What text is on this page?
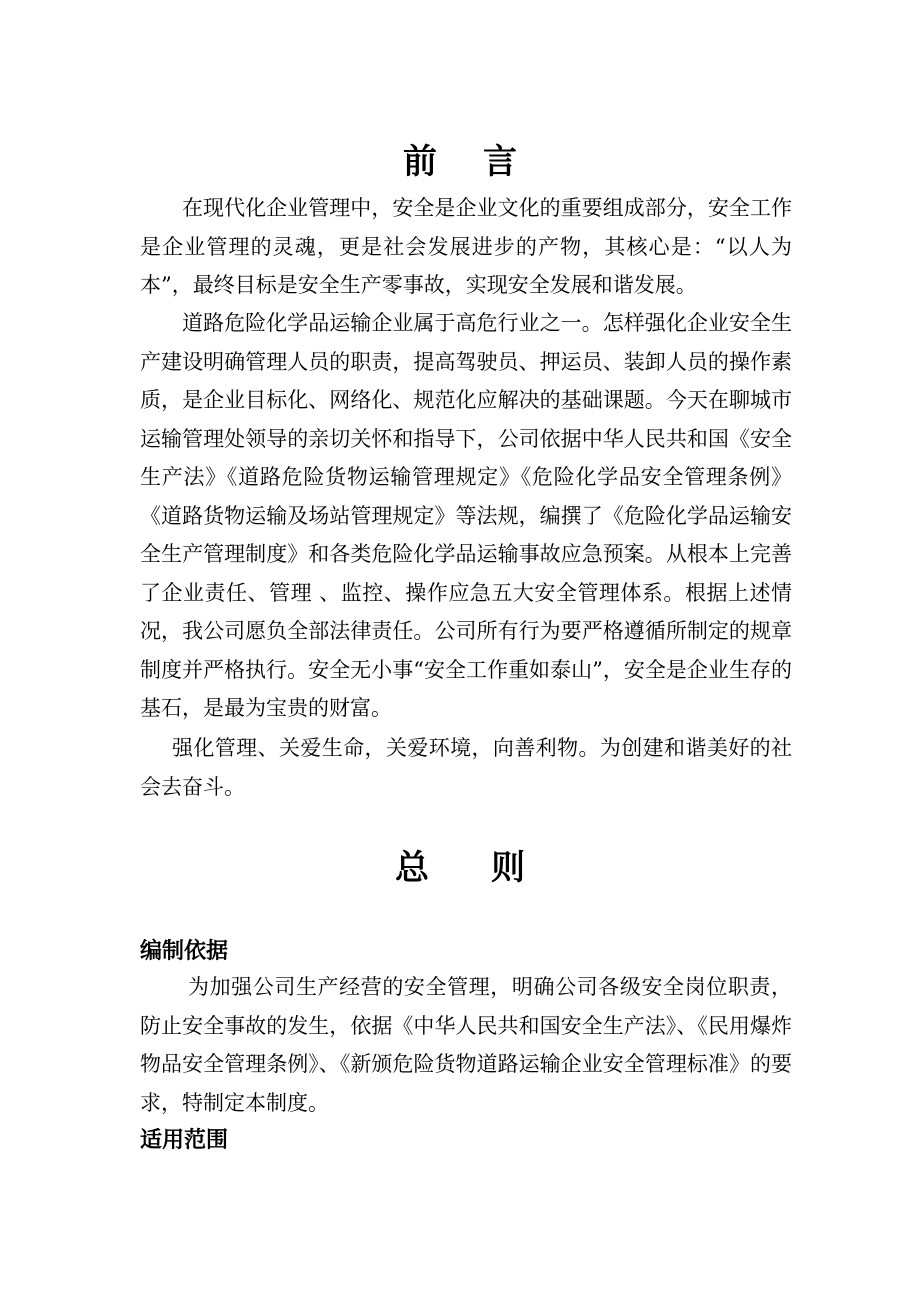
前言
在现代化企业管理中，安全是企业文化的重要组成部分，安全工作是企业管理的灵魂，更是社会发展进步的产物，其核心是：“以人为本”，最终目标是安全生产零事故，实现安全发展和谐发展。
道路危险化学品运输企业属于高危行业之一。怎样强化企业安全生产建设明确管理人员的职责，提高驾驶员、押运员、装卸人员的操作素质，是企业目标化、网络化、规范化应解决的基础课题。今天在聊城市运输管理处领导的亲切关怀和指导下，公司依据中华人民共和国《安全生产法》《道路危险货物运输管理规定》《危险化学品安全管理条例》《道路货物运输及场站管理规定》等法规，编撰了《危险化学品运输安全生产管理制度》和各类危险化学品运输事故应急预案。从根本上完善了企业责任、管理 、监控、操作应急五大安全管理体系。根据上述情况，我公司愿负全部法律责任。公司所有行为要严格遵循所制定的规章制度并严格执行。安全无小事“安全工作重如泰山”，安全是企业生存的基石，是最为宝贵的财富。
强化管理、关爱生命，关爱环境，向善利物。为创建和谐美好的社会去奋斗。
总则
编制依据
为加强公司生产经营的安全管理，明确公司各级安全岗位职责，防止安全事故的发生，依据《中华人民共和国安全生产法》、《民用爆炸物品安全管理条例》、《新颁危险货物道路运输企业安全管理标准》的要求，特制定本制度。
适用范围
